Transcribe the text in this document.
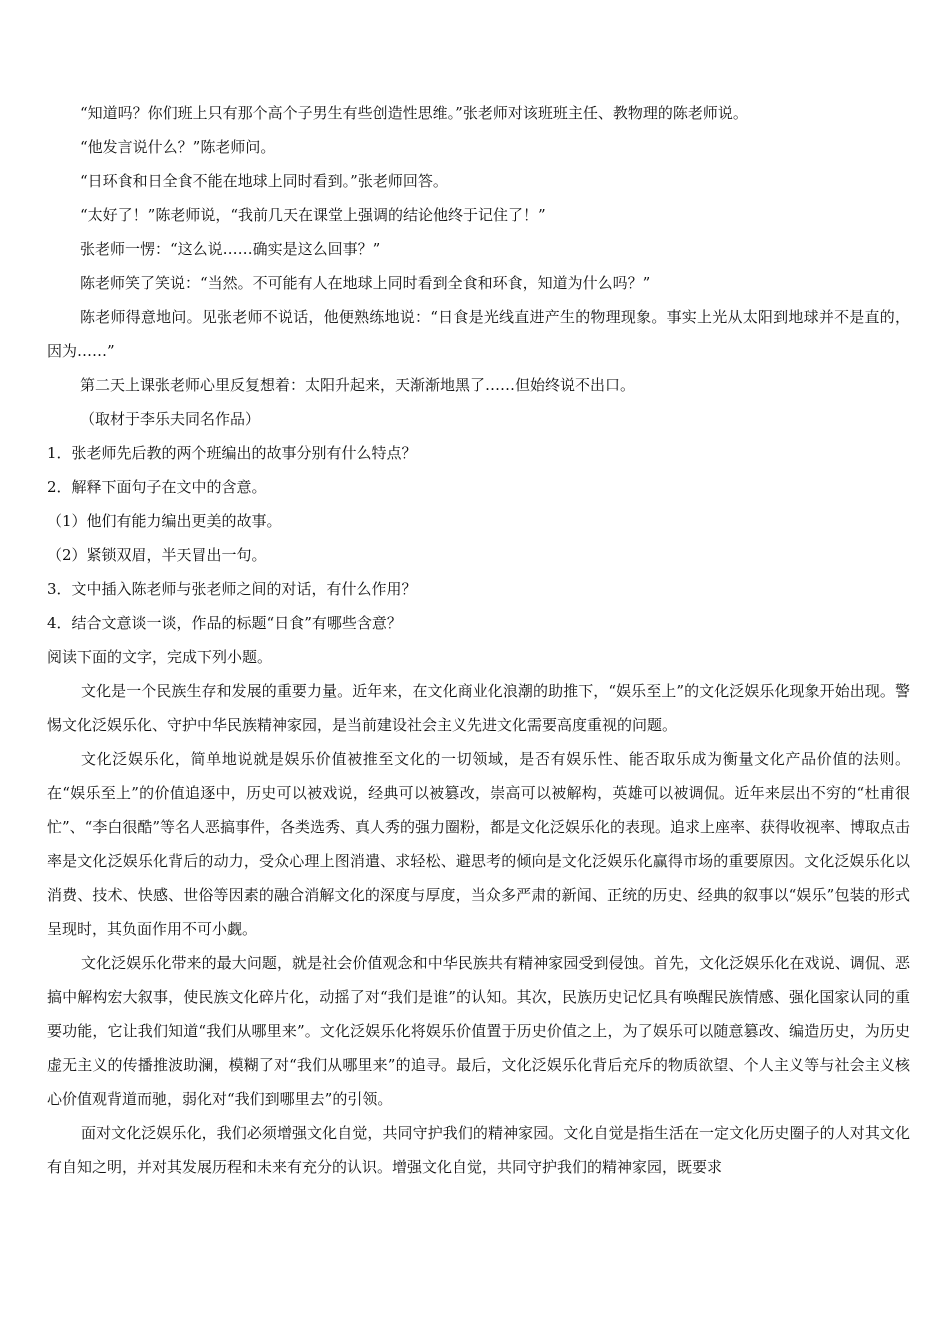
“知道吗？你们班上只有那个高个子男生有些创造性思维。”张老师对该班班主任、教物理的陈老师说。

“他发言说什么？”陈老师问。

“日环食和日全食不能在地球上同时看到。”张老师回答。

“太好了！”陈老师说，“我前几天在课堂上强调的结论他终于记住了！”

张老师一愣：“这么说……确实是这么回事？”

陈老师笑了笑说：“当然。不可能有人在地球上同时看到全食和环食，知道为什么吗？”

陈老师得意地问。见张老师不说话，他便熟练地说：“日食是光线直进产生的物理现象。事实上光从太阳到地球并不是直的，因为……”

第二天上课张老师心里反复想着：太阳升起来，天渐渐地黑了……但始终说不出口。

（取材于李乐夫同名作品）

1．张老师先后教的两个班编出的故事分别有什么特点？

2．解释下面句子在文中的含意。

（1）他们有能力编出更美的故事。

（2）紧锁双眉，半天冒出一句。

3．文中插入陈老师与张老师之间的对话，有什么作用？

4．结合文意谈一谈，作品的标题“日食”有哪些含意？

阅读下面的文字，完成下列小题。

文化是一个民族生存和发展的重要力量。近年来，在文化商业化浪潮的助推下，“娱乐至上”的文化泛娱乐化现象开始出现。警惕文化泛娱乐化、守护中华民族精神家园，是当前建设社会主义先进文化需要高度重视的问题。

文化泛娱乐化，简单地说就是娱乐价值被推至文化的一切领域，是否有娱乐性、能否取乐成为衡量文化产品价值的法则。在“娱乐至上”的价值追逐中，历史可以被戏说，经典可以被篡改，崇高可以被解构，英雄可以被调侃。近年来层出不穷的“杜甫很忙”、“李白很酷”等名人恶搞事件，各类选秀、真人秀的强力圈粉，都是文化泛娱乐化的表现。追求上座率、获得收视率、博取点击率是文化泛娱乐化背后的动力，受众心理上图消遣、求轻松、避思考的倾向是文化泛娱乐化赢得市场的重要原因。文化泛娱乐化以消费、技术、快感、世俗等因素的融合消解文化的深度与厚度，当众多严肃的新闻、正统的历史、经典的叙事以“娱乐”包装的形式呈现时，其负面作用不可小觑。

文化泛娱乐化带来的最大问题，就是社会价值观念和中华民族共有精神家园受到侵蚀。首先，文化泛娱乐化在戏说、调侃、恶搞中解构宏大叙事，使民族文化碎片化，动摇了对“我们是谁”的认知。其次，民族历史记忆具有唤醒民族情感、强化国家认同的重要功能，它让我们知道“我们从哪里来”。文化泛娱乐化将娱乐价值置于历史价值之上，为了娱乐可以随意篡改、编造历史，为历史虚无主义的传播推波助澜，模糊了对“我们从哪里来”的追寻。最后，文化泛娱乐化背后充斥的物质欲望、个人主义等与社会主义核心价值观背道而驰，弱化对“我们到哪里去”的引领。

面对文化泛娱乐化，我们必须增强文化自觉，共同守护我们的精神家园。文化自觉是指生活在一定文化历史圈子的人对其文化有自知之明，并对其发展历程和未来有充分的认识。增强文化自觉，共同守护我们的精神家园，既要求
